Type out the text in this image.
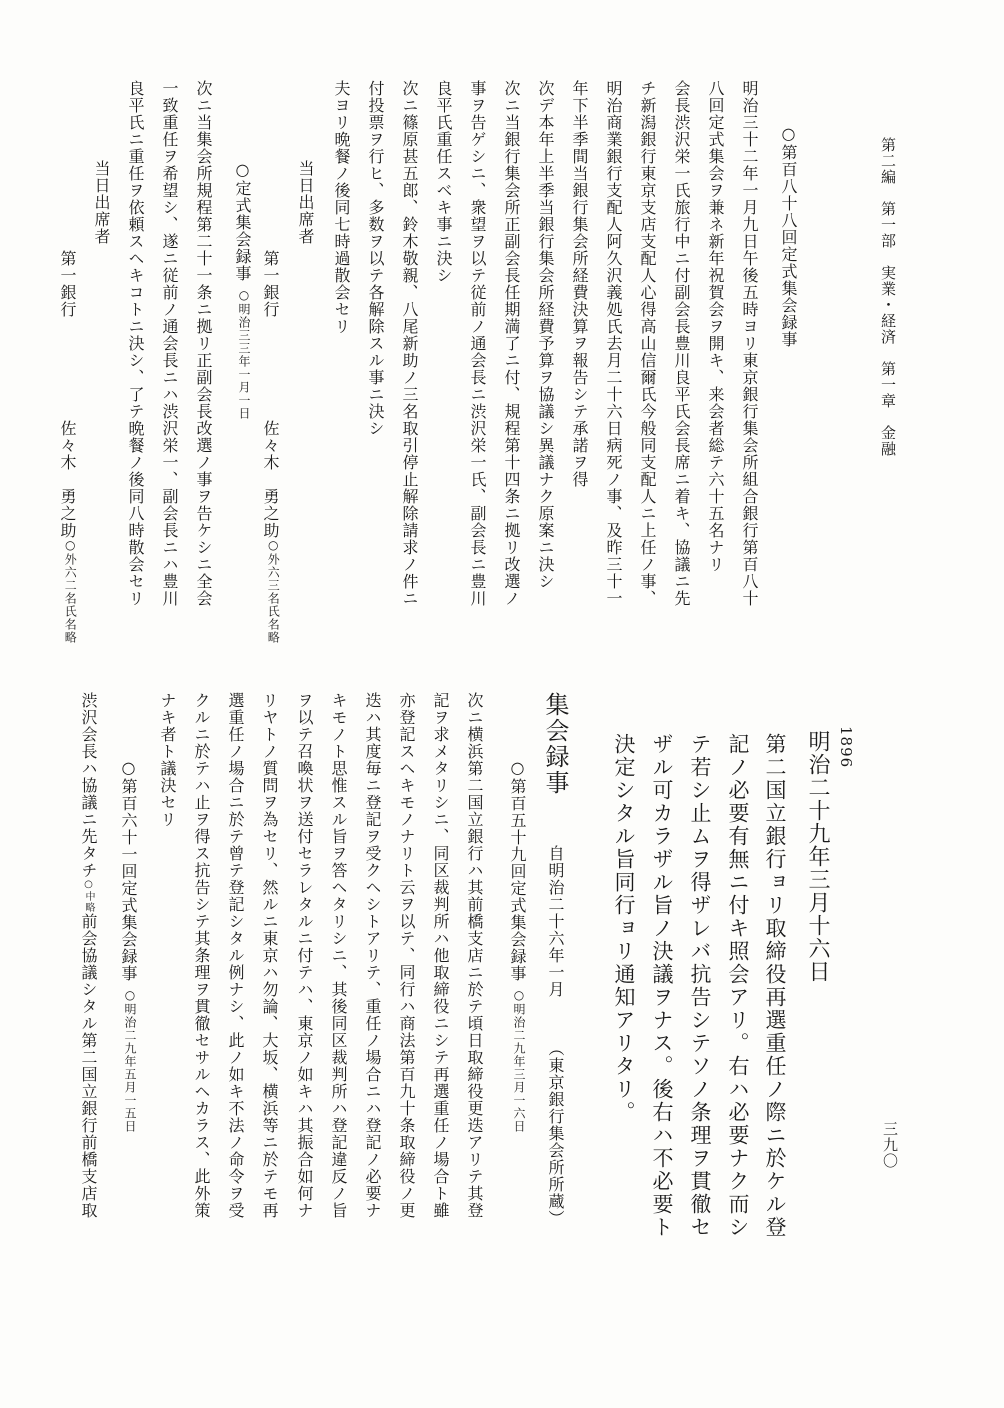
第二編　第一部　実業・経済　第一章　金融
三九〇
1896
明治二十九年三月十六日
第二国立銀行ョリ取締役再選重任ノ際ニ於ケル登
記ノ必要有無ニ付キ照会アリ。右ハ必要ナク而シ
テ若シ止ムヲ得ザレバ抗告シテソノ条理ヲ貫徹セ
ザル可カラザル旨ノ決議ヲナス。後右ハ不必要ト
決定シタル旨同行ョリ通知アリタリ。
集会録事
自明治二十六年一月
（東京銀行集会所所蔵）
○第百五十九回定式集会録事○明治二九年三月一六日
次ニ横浜第二国立銀行ハ其前橋支店ニ於テ頃日取締役更迭アリテ其登
記ヲ求メタリシニ、同区裁判所ハ他取締役ニシテ再選重任ノ場合ト雖
亦登記スヘキモノナリト云ヲ以テ、同行ハ商法第百九十条取締役ノ更
迭ハ其度毎ニ登記ヲ受クヘシトアリテ、重任ノ場合ニハ登記ノ必要ナ
キモノト思惟スル旨ヲ答ヘタリシニ、其後同区裁判所ハ登記違反ノ旨
ヲ以テ召喚状ヲ送付セラレタルニ付テハ、東京ノ如キハ其振合如何ナ
リヤトノ質問ヲ為セリ、然ルニ東京ハ勿論、大坂、横浜等ニ於テモ再
選重任ノ場合ニ於テ曾テ登記シタル例ナシ、此ノ如キ不法ノ命令ヲ受
クルニ於テハ止ヲ得ス抗告シテ其条理ヲ貫徹セサルヘカラス、此外策
ナキ者ト議決セリ
○第百六十一回定式集会録事○明治二九年五月一五日
渋沢会長ハ協議ニ先タチ○中略前会協議シタル第二国立銀行前橋支店取
○第百八十八回定式集会録事
明治三十二年一月九日午後五時ヨリ東京銀行集会所組合銀行第百八十
八回定式集会ヲ兼ネ新年祝賀会ヲ開キ、来会者総テ六十五名ナリ
会長渋沢栄一氏旅行中ニ付副会長豊川良平氏会長席ニ着キ、協議ニ先
チ新潟銀行東京支店支配人心得高山信爾氏今般同支配人ニ上任ノ事、
明治商業銀行支配人阿久沢義処氏去月二十六日病死ノ事、及昨三十一
年下半季間当銀行集会所経費決算ヲ報告シテ承諾ヲ得
次デ本年上半季当銀行集会所経費予算ヲ協議シ異議ナク原案ニ決シ
次ニ当銀行集会所正副会長任期満了ニ付、規程第十四条ニ拠リ改選ノ
事ヲ告ゲシニ、衆望ヲ以テ従前ノ通会長ニ渋沢栄一氏、副会長ニ豊川
良平氏重任スベキ事ニ決シ
次ニ篠原甚五郎、鈴木敬親、八尾新助ノ三名取引停止解除請求ノ件ニ
付投票ヲ行ヒ、多数ヲ以テ各解除スル事ニ決シ
夫ヨリ晩餐ノ後同七時過散会セリ
当日出席者
第一銀行
佐々木　勇之助
○外六三名氏名略
○定式集会録事○明治三三年一月一日
次ニ当集会所規程第二十一条ニ拠リ正副会長改選ノ事ヲ告ケシニ全会
一致重任ヲ希望シ、遂ニ従前ノ通会長ニハ渋沢栄一、副会長ニハ豊川
良平氏ニ重任ヲ依頼スヘキコトニ決シ、了テ晩餐ノ後同八時散会セリ
当日出席者
第一銀行
佐々木　勇之助
○外六二名氏名略
